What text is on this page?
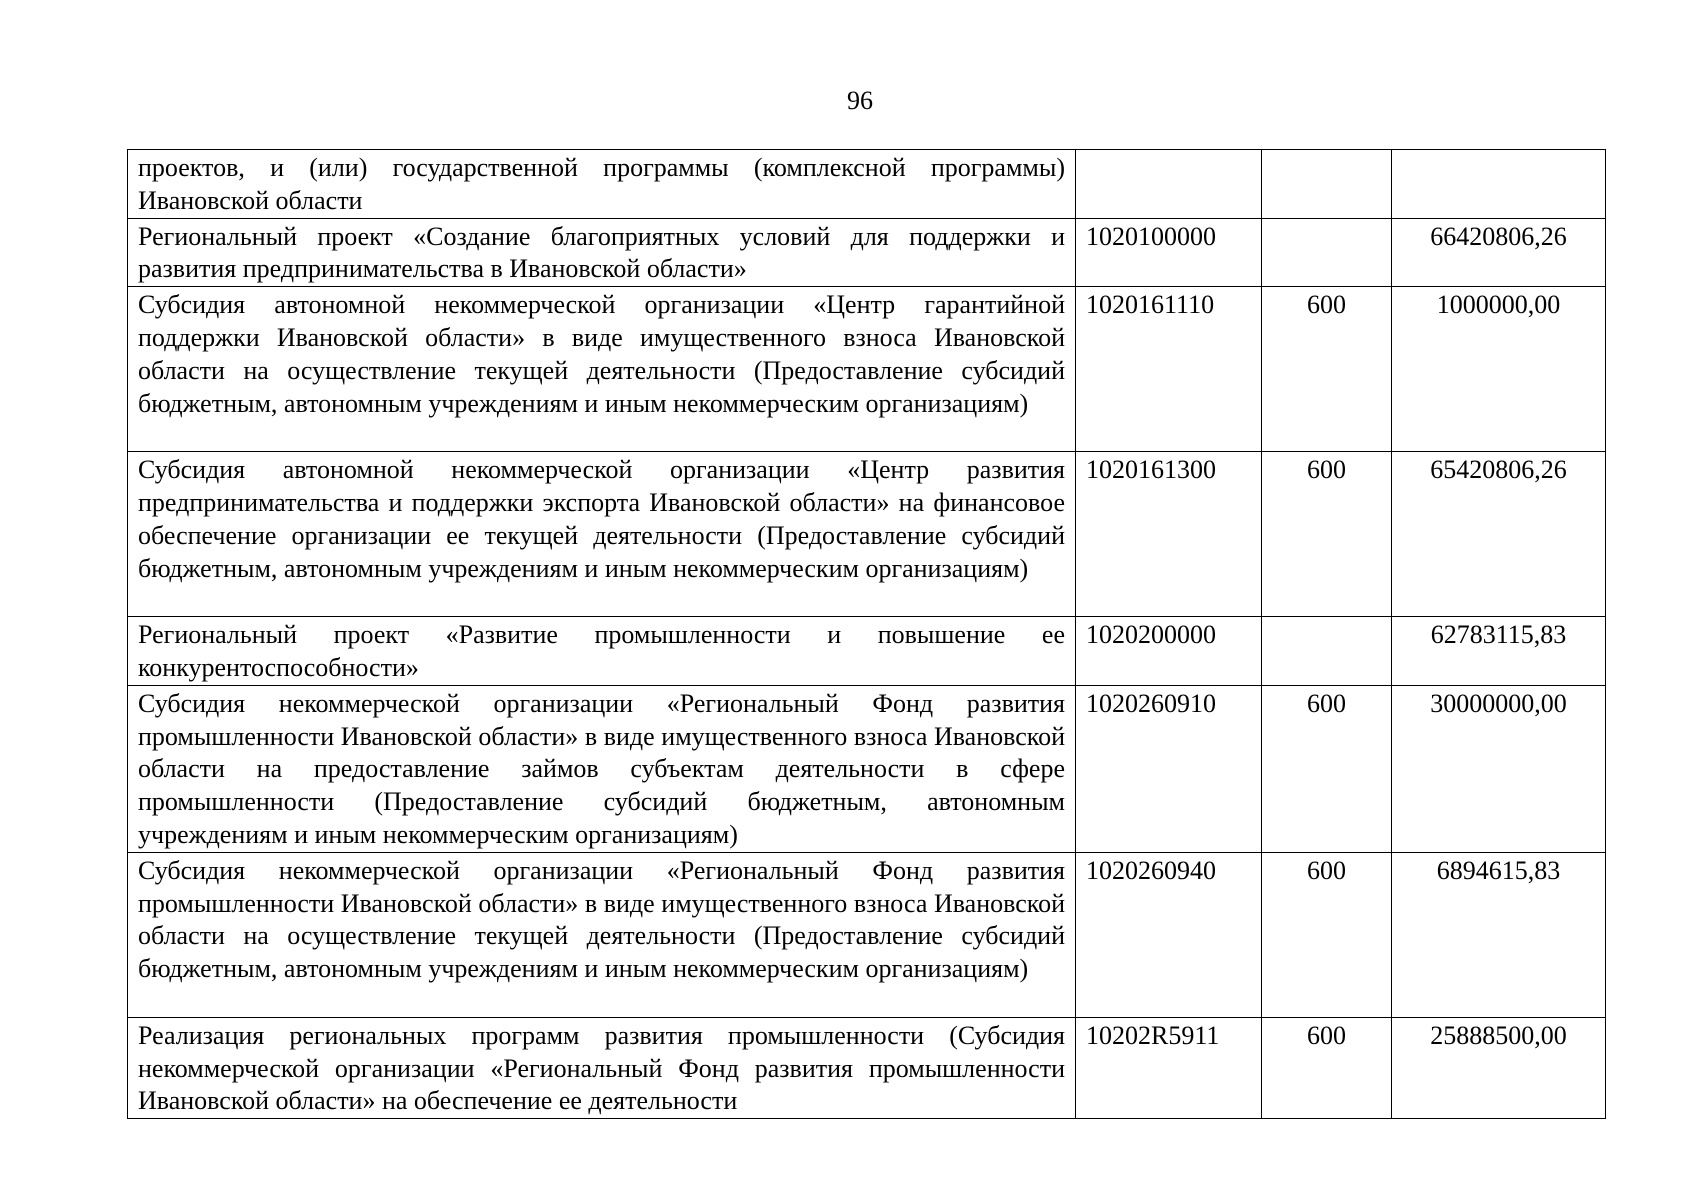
96
проектов, и (или) государственной программы (комплексной программы) Ивановской области			
Региональный проект «Создание благоприятных условий для поддержки и развития предпринимательства в Ивановской области»	1020100000		66420806,26
Субсидия автономной некоммерческой организации «Центр гарантийной поддержки Ивановской области» в виде имущественного взноса Ивановской области на осуществление текущей деятельности (Предоставление субсидий бюджетным, автономным учреждениям и иным некоммерческим организациям)	1020161110	600	1000000,00
Субсидия автономной некоммерческой организации «Центр развития предпринимательства и поддержки экспорта Ивановской области» на финансовое обеспечение организации ее текущей деятельности (Предоставление субсидий бюджетным, автономным учреждениям и иным некоммерческим организациям)	1020161300	600	65420806,26
Региональный проект «Развитие промышленности и повышение ее конкурентоспособности»	1020200000		62783115,83
Субсидия некоммерческой организации «Региональный Фонд развития промышленности Ивановской области» в виде имущественного взноса Ивановской области на предоставление займов субъектам деятельности в сфере промышленности (Предоставление субсидий бюджетным, автономным учреждениям и иным некоммерческим организациям)	1020260910	600	30000000,00
Субсидия некоммерческой организации «Региональный Фонд развития промышленности Ивановской области» в виде имущественного взноса Ивановской области на осуществление текущей деятельности (Предоставление субсидий бюджетным, автономным учреждениям и иным некоммерческим организациям)	1020260940	600	6894615,83
Реализация региональных программ развития промышленности (Субсидия некоммерческой организации «Региональный Фонд развития промышленности Ивановской области» на обеспечение ее деятельности	10202R5911	600	25888500,00
